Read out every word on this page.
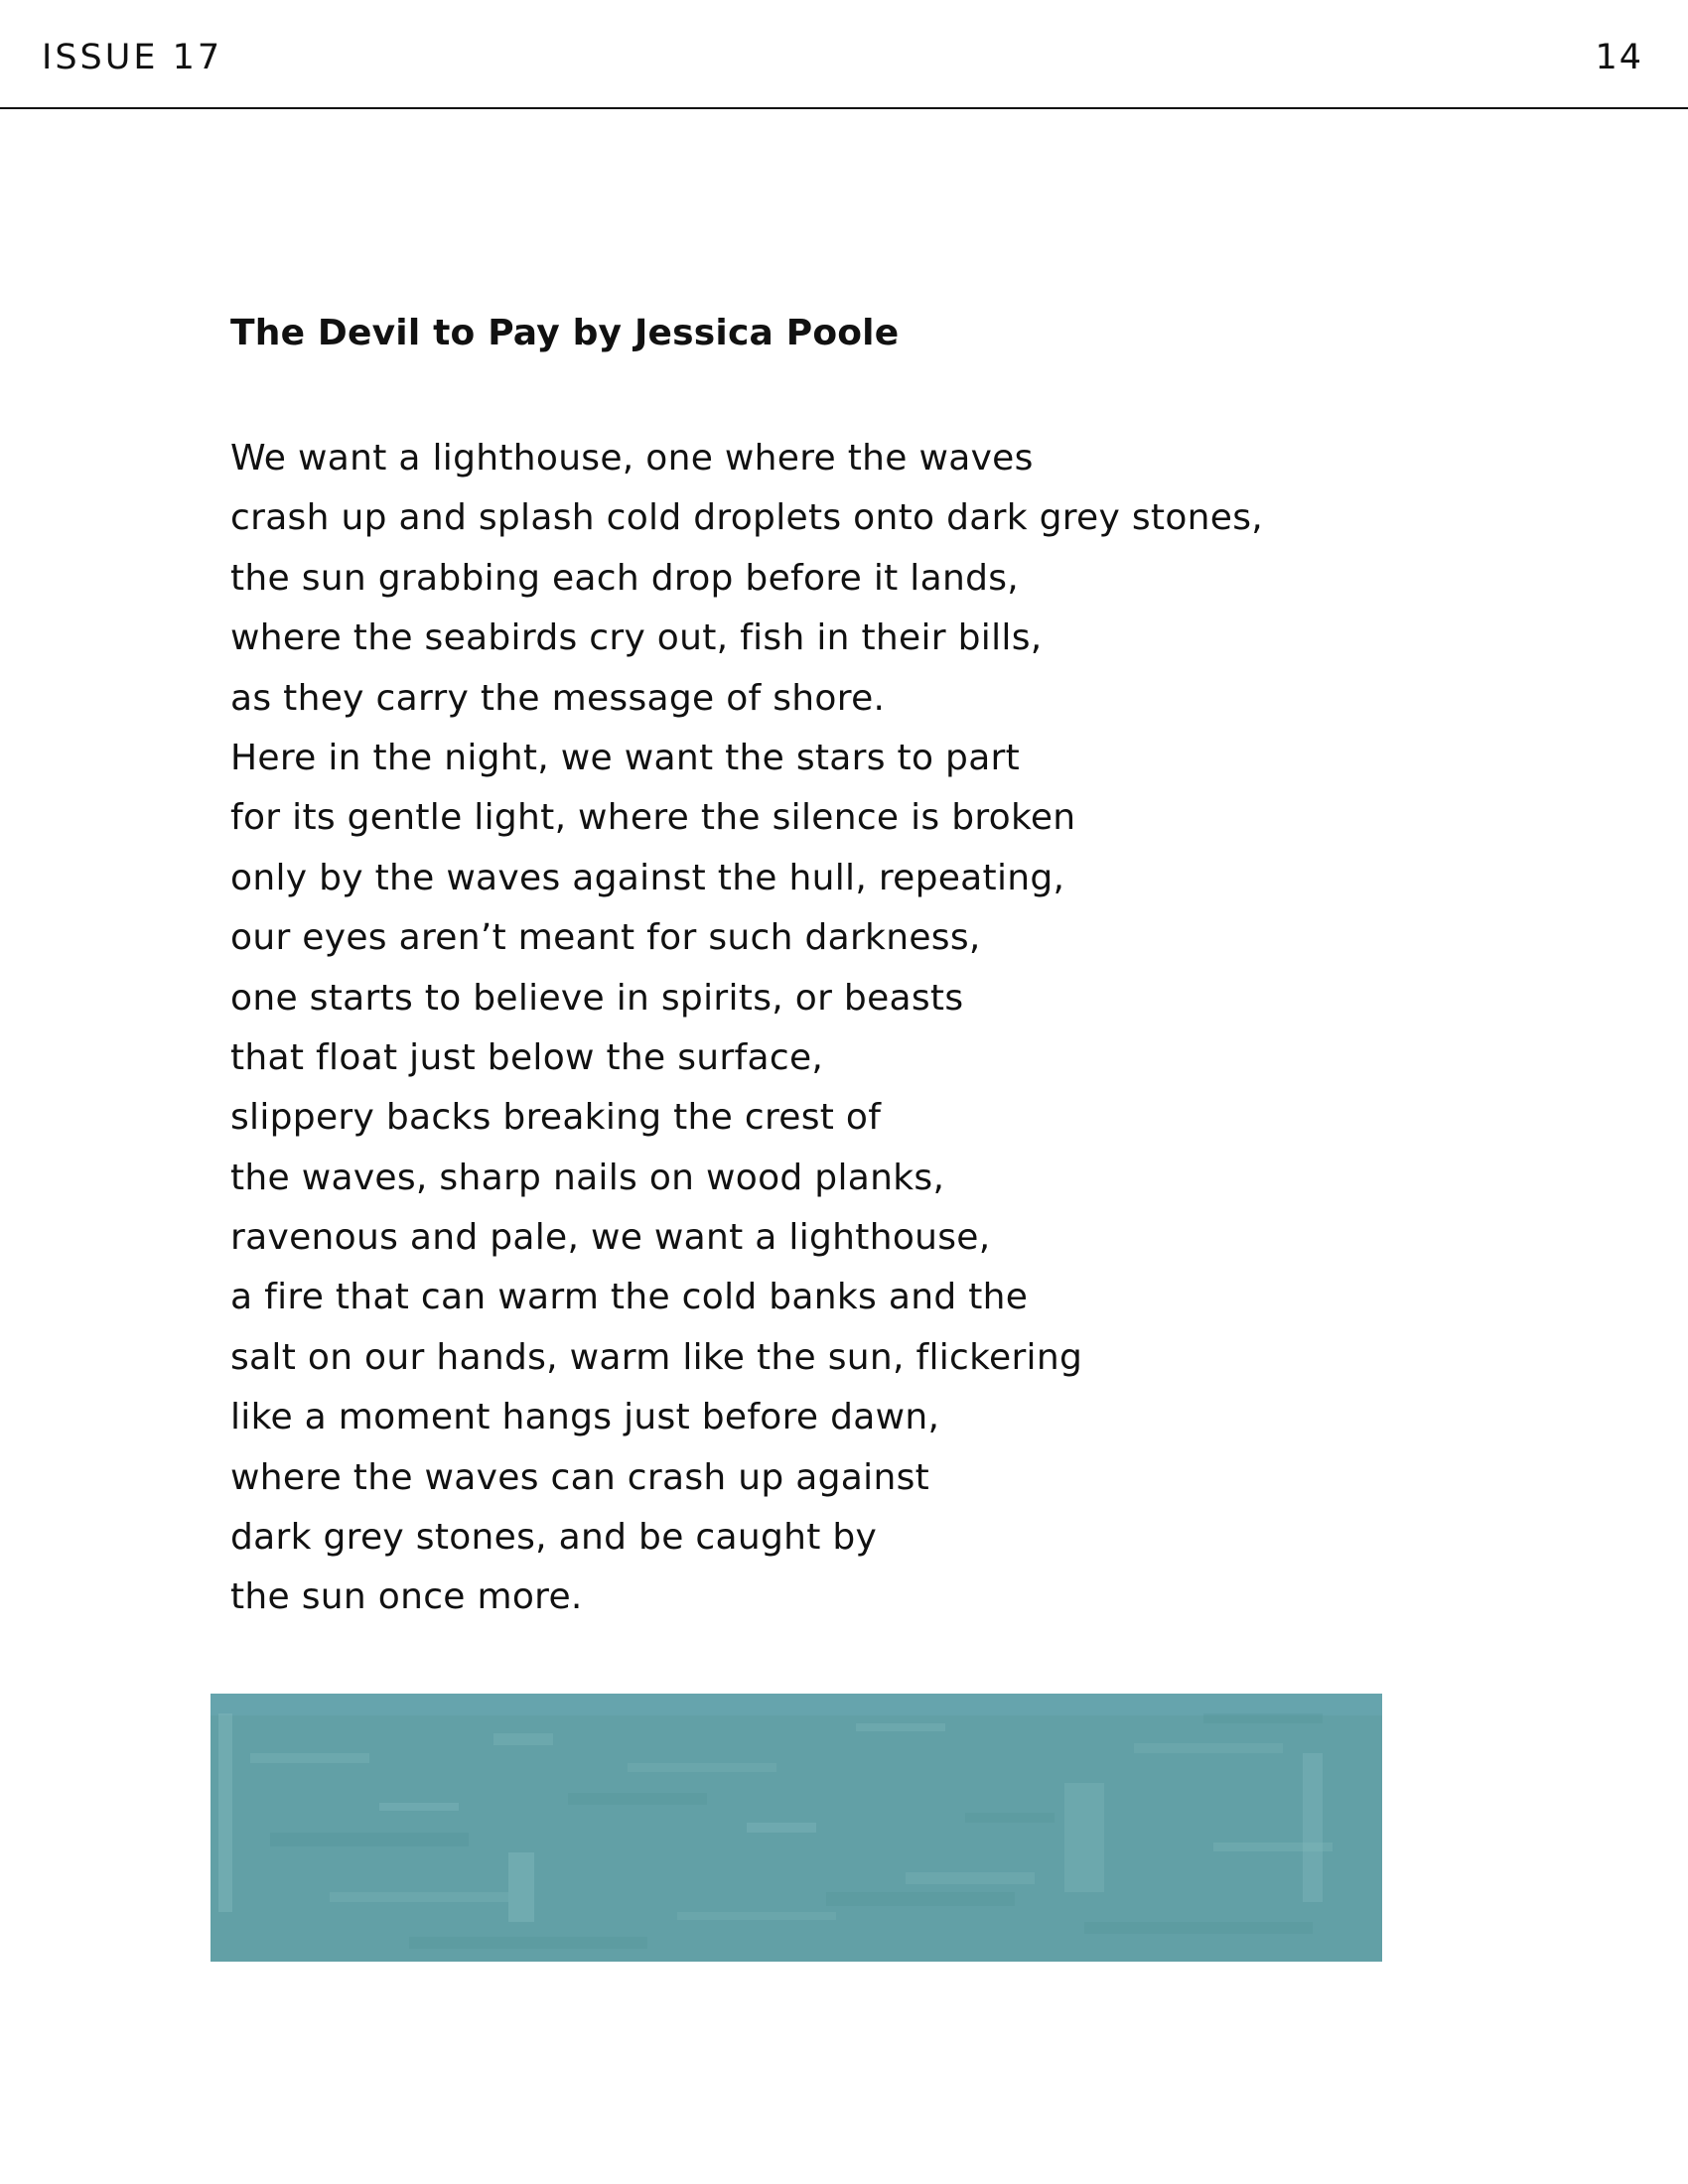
ISSUE 17	14
The Devil to Pay by Jessica Poole
We want a lighthouse, one where the waves
crash up and splash cold droplets onto dark grey stones,
the sun grabbing each drop before it lands,
where the seabirds cry out, fish in their bills,
as they carry the message of shore.
Here in the night, we want the stars to part
for its gentle light, where the silence is broken
only by the waves against the hull, repeating,
our eyes aren’t meant for such darkness,
one starts to believe in spirits, or beasts
that float just below the surface,
slippery backs breaking the crest of
the waves, sharp nails on wood planks,
ravenous and pale, we want a lighthouse,
a fire that can warm the cold banks and the
salt on our hands, warm like the sun, flickering
like a moment hangs just before dawn,
where the waves can crash up against
dark grey stones, and be caught by
the sun once more.
